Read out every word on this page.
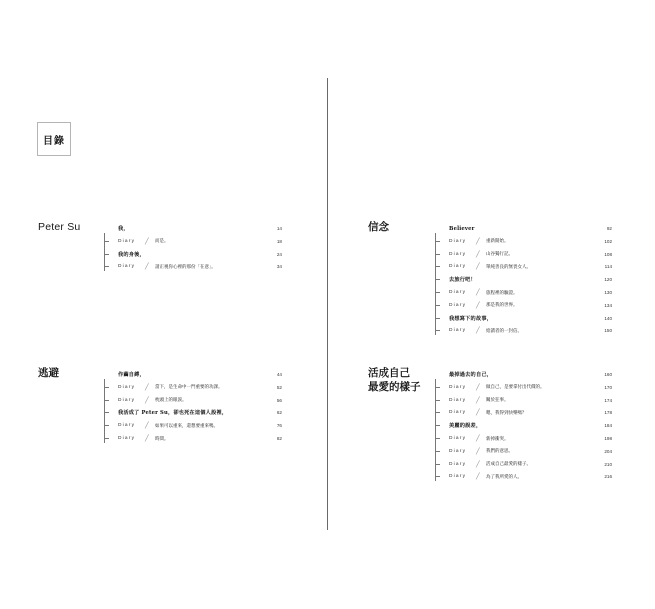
目錄
Peter Su	我，	14
Diary	╱	而是。	18
我的身後，	24
Diary	╱	請正視你心裡的那份「在意」。	34
逃避	作繭自縛，	44
Diary	╱	當下，是生命中一門重要的功課。	52
Diary	╱	枕頭上的眼淚。	56
我活成了 Peter Su，卻也死在這個人設裡，	62
Diary	╱	如果可以重來，還想要重來嗎。	76
Diary	╱	時間。	82
信念	Believer	92
Diary	╱	重新開始。	102
Diary	╱	山谷獨行記。	108
Diary	╱	單純善良的無畏女人。	114
去旅行吧！	120
Diary	╱	旅程裡的驗證。	130
Diary	╱	那是我的世界。	134
我想寫下的故事，	140
Diary	╱	給讀者的一封信。	150
活成自己
最愛的樣子
最掉過去的自己，	160
Diary	╱	做自己，是要拿付出代價的。	170
Diary	╱	關於狂事。	174
Diary	╱	嗯，我得到快樂嗎？	178
美麗的誤差，	184
Diary	╱	新掉衝突。	198
Diary	╱	我們的意思。	204
Diary	╱	活成自己最愛的樣子。	210
Diary	╱	為了我所愛的人。	216
